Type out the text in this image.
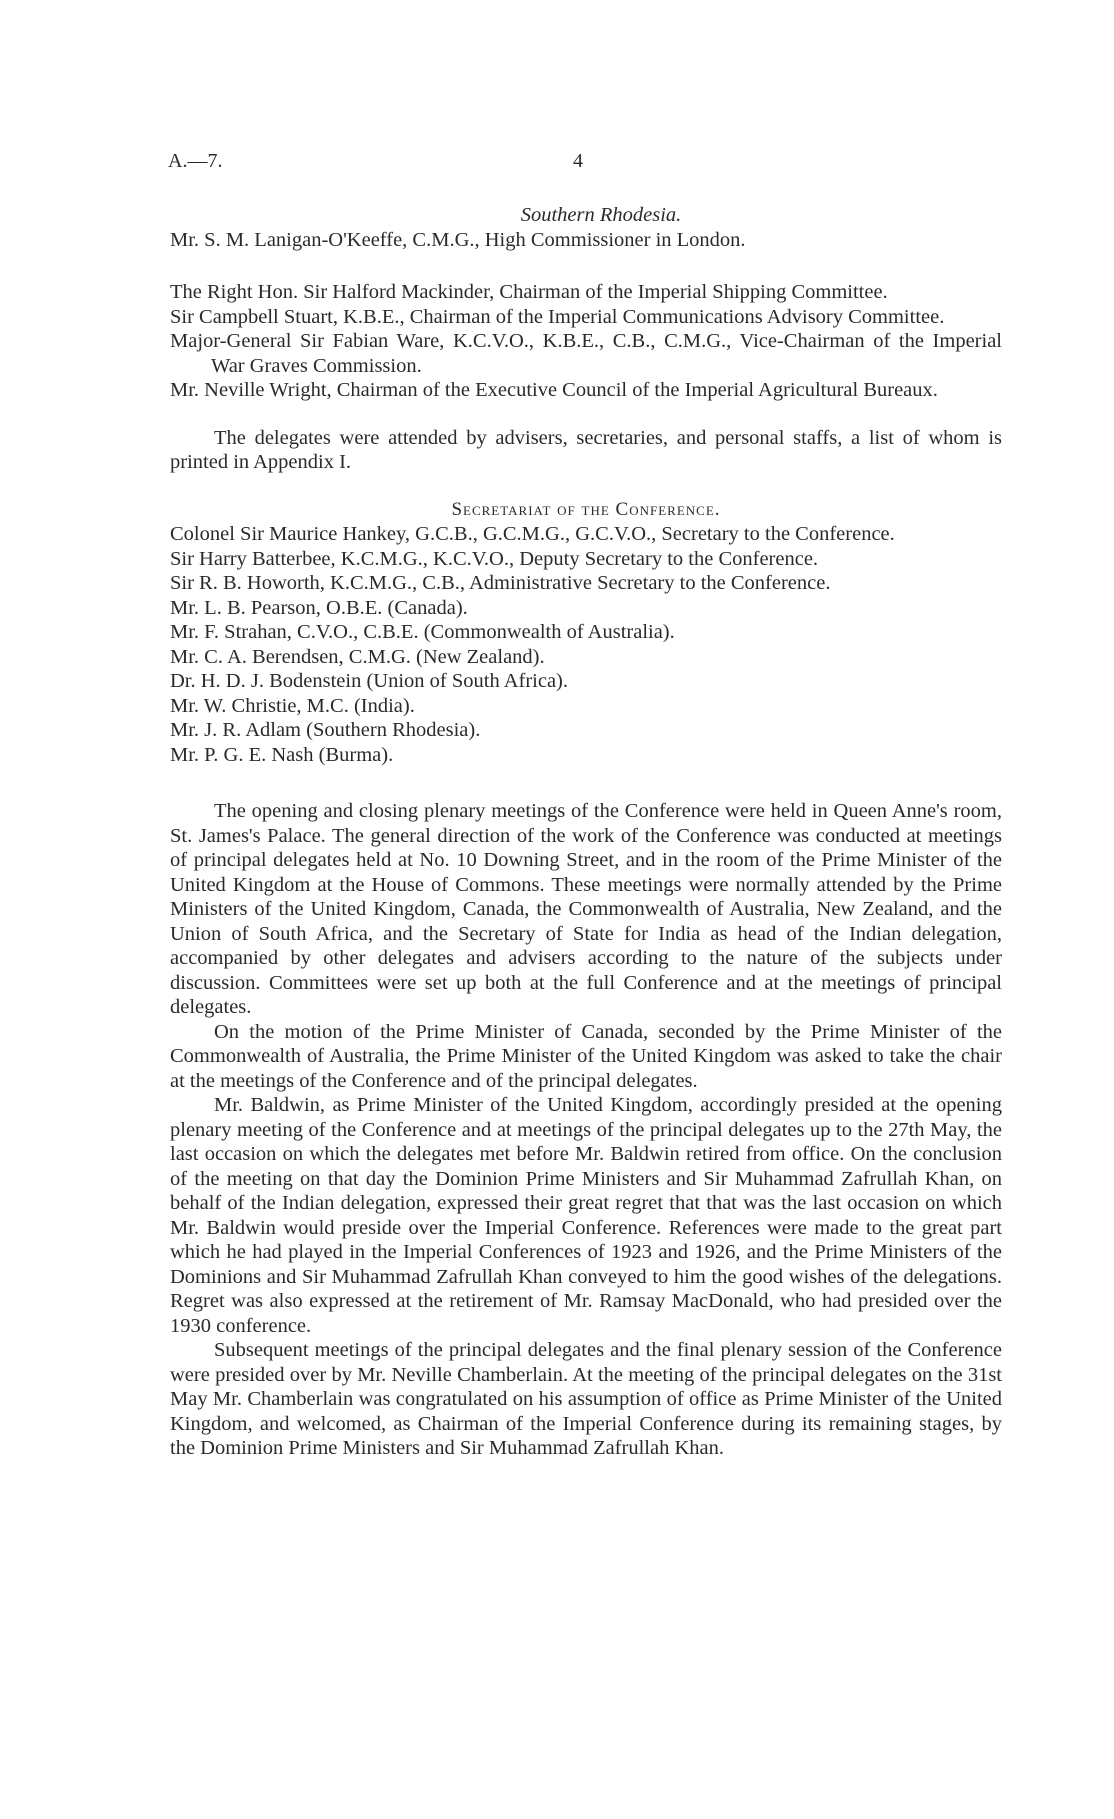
A.—7.	4

Southern Rhodesia.

Mr. S. M. Lanigan-O'Keeffe, C.M.G., High Commissioner in London.

The Right Hon. Sir Halford Mackinder, Chairman of the Imperial Shipping Committee.

Sir Campbell Stuart, K.B.E., Chairman of the Imperial Communications Advisory Committee.

Major-General Sir Fabian Ware, K.C.V.O., K.B.E., C.B., C.M.G., Vice-Chairman of the Imperial War Graves Commission.

Mr. Neville Wright, Chairman of the Executive Council of the Imperial Agricultural Bureaux.

The delegates were attended by advisers, secretaries, and personal staffs, a list of whom is printed in Appendix I.

Secretariat of the Conference.

Colonel Sir Maurice Hankey, G.C.B., G.C.M.G., G.C.V.O., Secretary to the Conference.

Sir Harry Batterbee, K.C.M.G., K.C.V.O., Deputy Secretary to the Conference.

Sir R. B. Howorth, K.C.M.G., C.B., Administrative Secretary to the Conference.

Mr. L. B. Pearson, O.B.E. (Canada).

Mr. F. Strahan, C.V.O., C.B.E. (Commonwealth of Australia).

Mr. C. A. Berendsen, C.M.G. (New Zealand).

Dr. H. D. J. Bodenstein (Union of South Africa).

Mr. W. Christie, M.C. (India).

Mr. J. R. Adlam (Southern Rhodesia).

Mr. P. G. E. Nash (Burma).

The opening and closing plenary meetings of the Conference were held in Queen Anne's room, St. James's Palace. The general direction of the work of the Conference was conducted at meetings of principal delegates held at No. 10 Downing Street, and in the room of the Prime Minister of the United Kingdom at the House of Commons. These meetings were normally attended by the Prime Ministers of the United Kingdom, Canada, the Commonwealth of Australia, New Zealand, and the Union of South Africa, and the Secretary of State for India as head of the Indian delegation, accompanied by other delegates and advisers according to the nature of the subjects under discussion. Committees were set up both at the full Conference and at the meetings of principal delegates.

On the motion of the Prime Minister of Canada, seconded by the Prime Minister of the Commonwealth of Australia, the Prime Minister of the United Kingdom was asked to take the chair at the meetings of the Conference and of the principal delegates.

Mr. Baldwin, as Prime Minister of the United Kingdom, accordingly presided at the opening plenary meeting of the Conference and at meetings of the principal delegates up to the 27th May, the last occasion on which the delegates met before Mr. Baldwin retired from office. On the conclusion of the meeting on that day the Dominion Prime Ministers and Sir Muhammad Zafrullah Khan, on behalf of the Indian delegation, expressed their great regret that that was the last occasion on which Mr. Baldwin would preside over the Imperial Conference. References were made to the great part which he had played in the Imperial Conferences of 1923 and 1926, and the Prime Ministers of the Dominions and Sir Muhammad Zafrullah Khan conveyed to him the good wishes of the delegations. Regret was also expressed at the retirement of Mr. Ramsay MacDonald, who had presided over the 1930 conference.

Subsequent meetings of the principal delegates and the final plenary session of the Conference were presided over by Mr. Neville Chamberlain. At the meeting of the principal delegates on the 31st May Mr. Chamberlain was congratulated on his assumption of office as Prime Minister of the United Kingdom, and welcomed, as Chairman of the Imperial Conference during its remaining stages, by the Dominion Prime Ministers and Sir Muhammad Zafrullah Khan.
